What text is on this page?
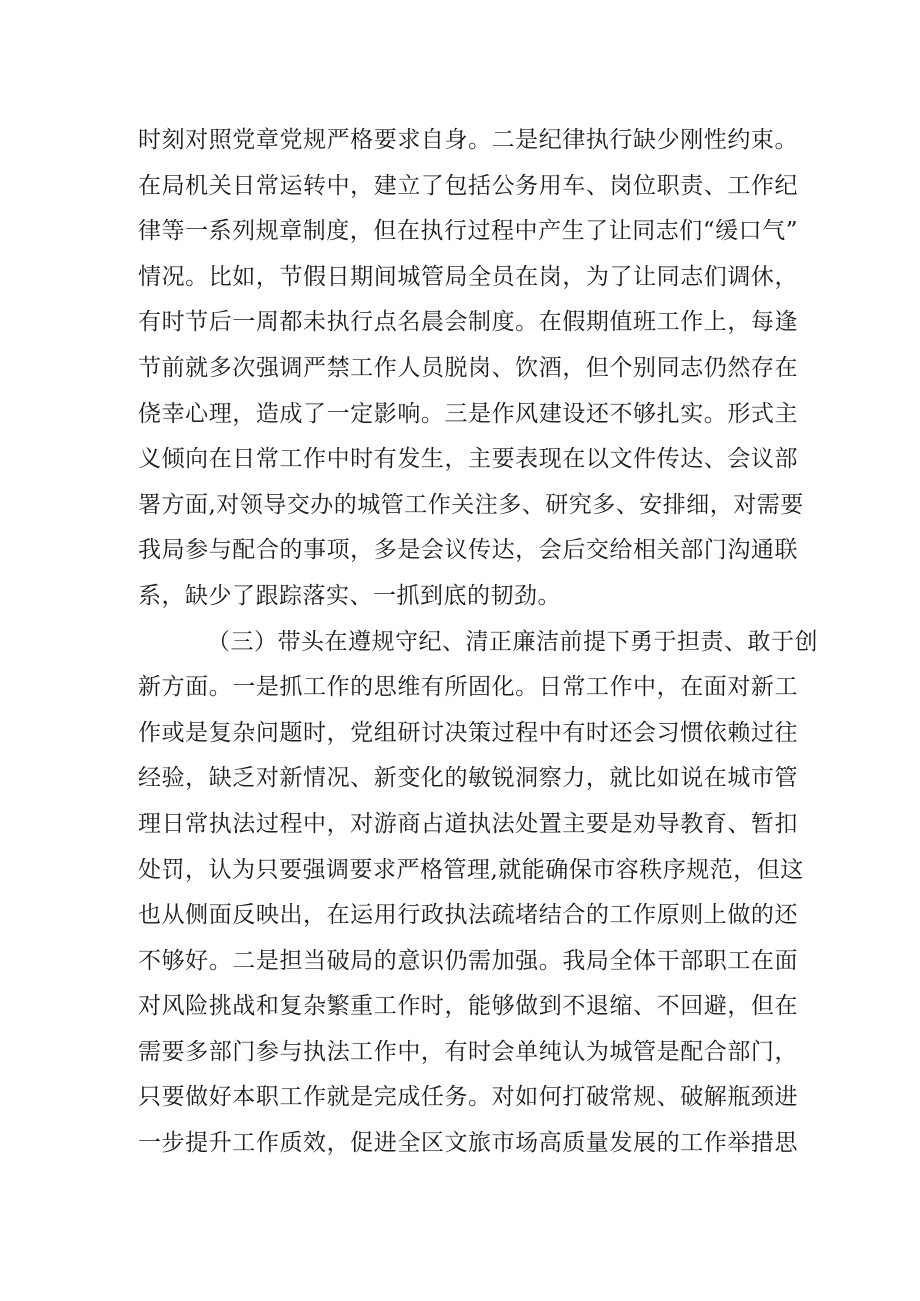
时刻对照党章党规严格要求自身。二是纪律执行缺少刚性约束。
在局机关日常运转中，建立了包括公务用车、岗位职责、工作纪
律等一系列规章制度，但在执行过程中产生了让同志们“缓口气”
情况。比如，节假日期间城管局全员在岗，为了让同志们调休，
有时节后一周都未执行点名晨会制度。在假期值班工作上，每逢
节前就多次强调严禁工作人员脱岗、饮酒，但个别同志仍然存在
侥幸心理，造成了一定影响。三是作风建设还不够扎实。形式主
义倾向在日常工作中时有发生，主要表现在以文件传达、会议部
署方面,对领导交办的城管工作关注多、研究多、安排细，对需要
我局参与配合的事项，多是会议传达，会后交给相关部门沟通联
系，缺少了跟踪落实、一抓到底的韧劲。
（三）带头在遵规守纪、清正廉洁前提下勇于担责、敢于创
新方面。一是抓工作的思维有所固化。日常工作中，在面对新工
作或是复杂问题时，党组研讨决策过程中有时还会习惯依赖过往
经验，缺乏对新情况、新变化的敏锐洞察力，就比如说在城市管
理日常执法过程中，对游商占道执法处置主要是劝导教育、暂扣
处罚，认为只要强调要求严格管理,就能确保市容秩序规范，但这
也从侧面反映出，在运用行政执法疏堵结合的工作原则上做的还
不够好。二是担当破局的意识仍需加强。我局全体干部职工在面
对风险挑战和复杂繁重工作时，能够做到不退缩、不回避，但在
需要多部门参与执法工作中，有时会单纯认为城管是配合部门，
只要做好本职工作就是完成任务。对如何打破常规、破解瓶颈进
一步提升工作质效，促进全区文旅市场高质量发展的工作举措思
